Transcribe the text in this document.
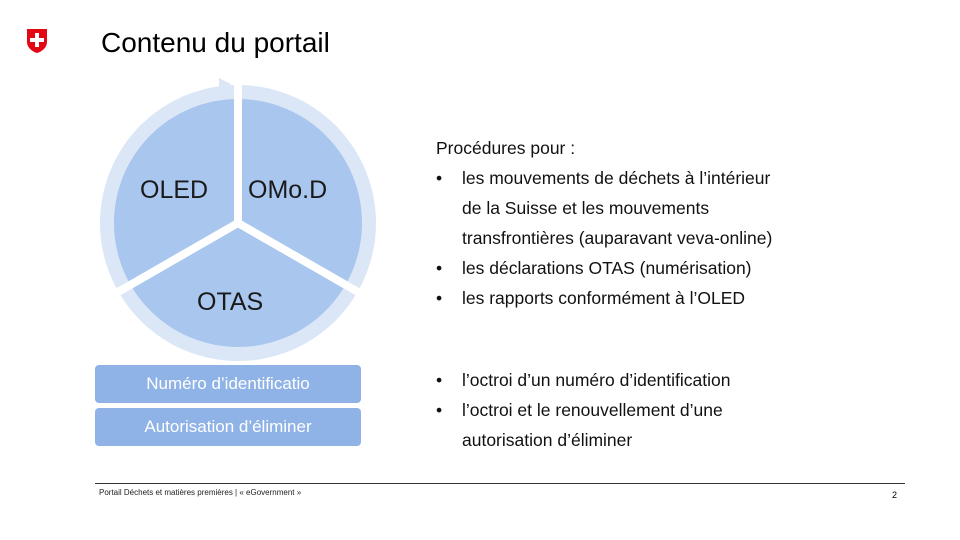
Contenu du portail
OLED OMo.D
OTAS
Numéro d’identificatio
Autorisation d’éliminer
Procédures pour :
• les mouvements de déchets à l’intérieur
de la Suisse et les mouvements
transfrontières (auparavant veva-online)
• les déclarations OTAS (numérisation)
• les rapports conformément à l’OLED
• l’octroi d’un numéro d’identification
• l’octroi et le renouvellement d’une
autorisation d’éliminer
Portail Déchets et matières premières | « eGovernment »	2
